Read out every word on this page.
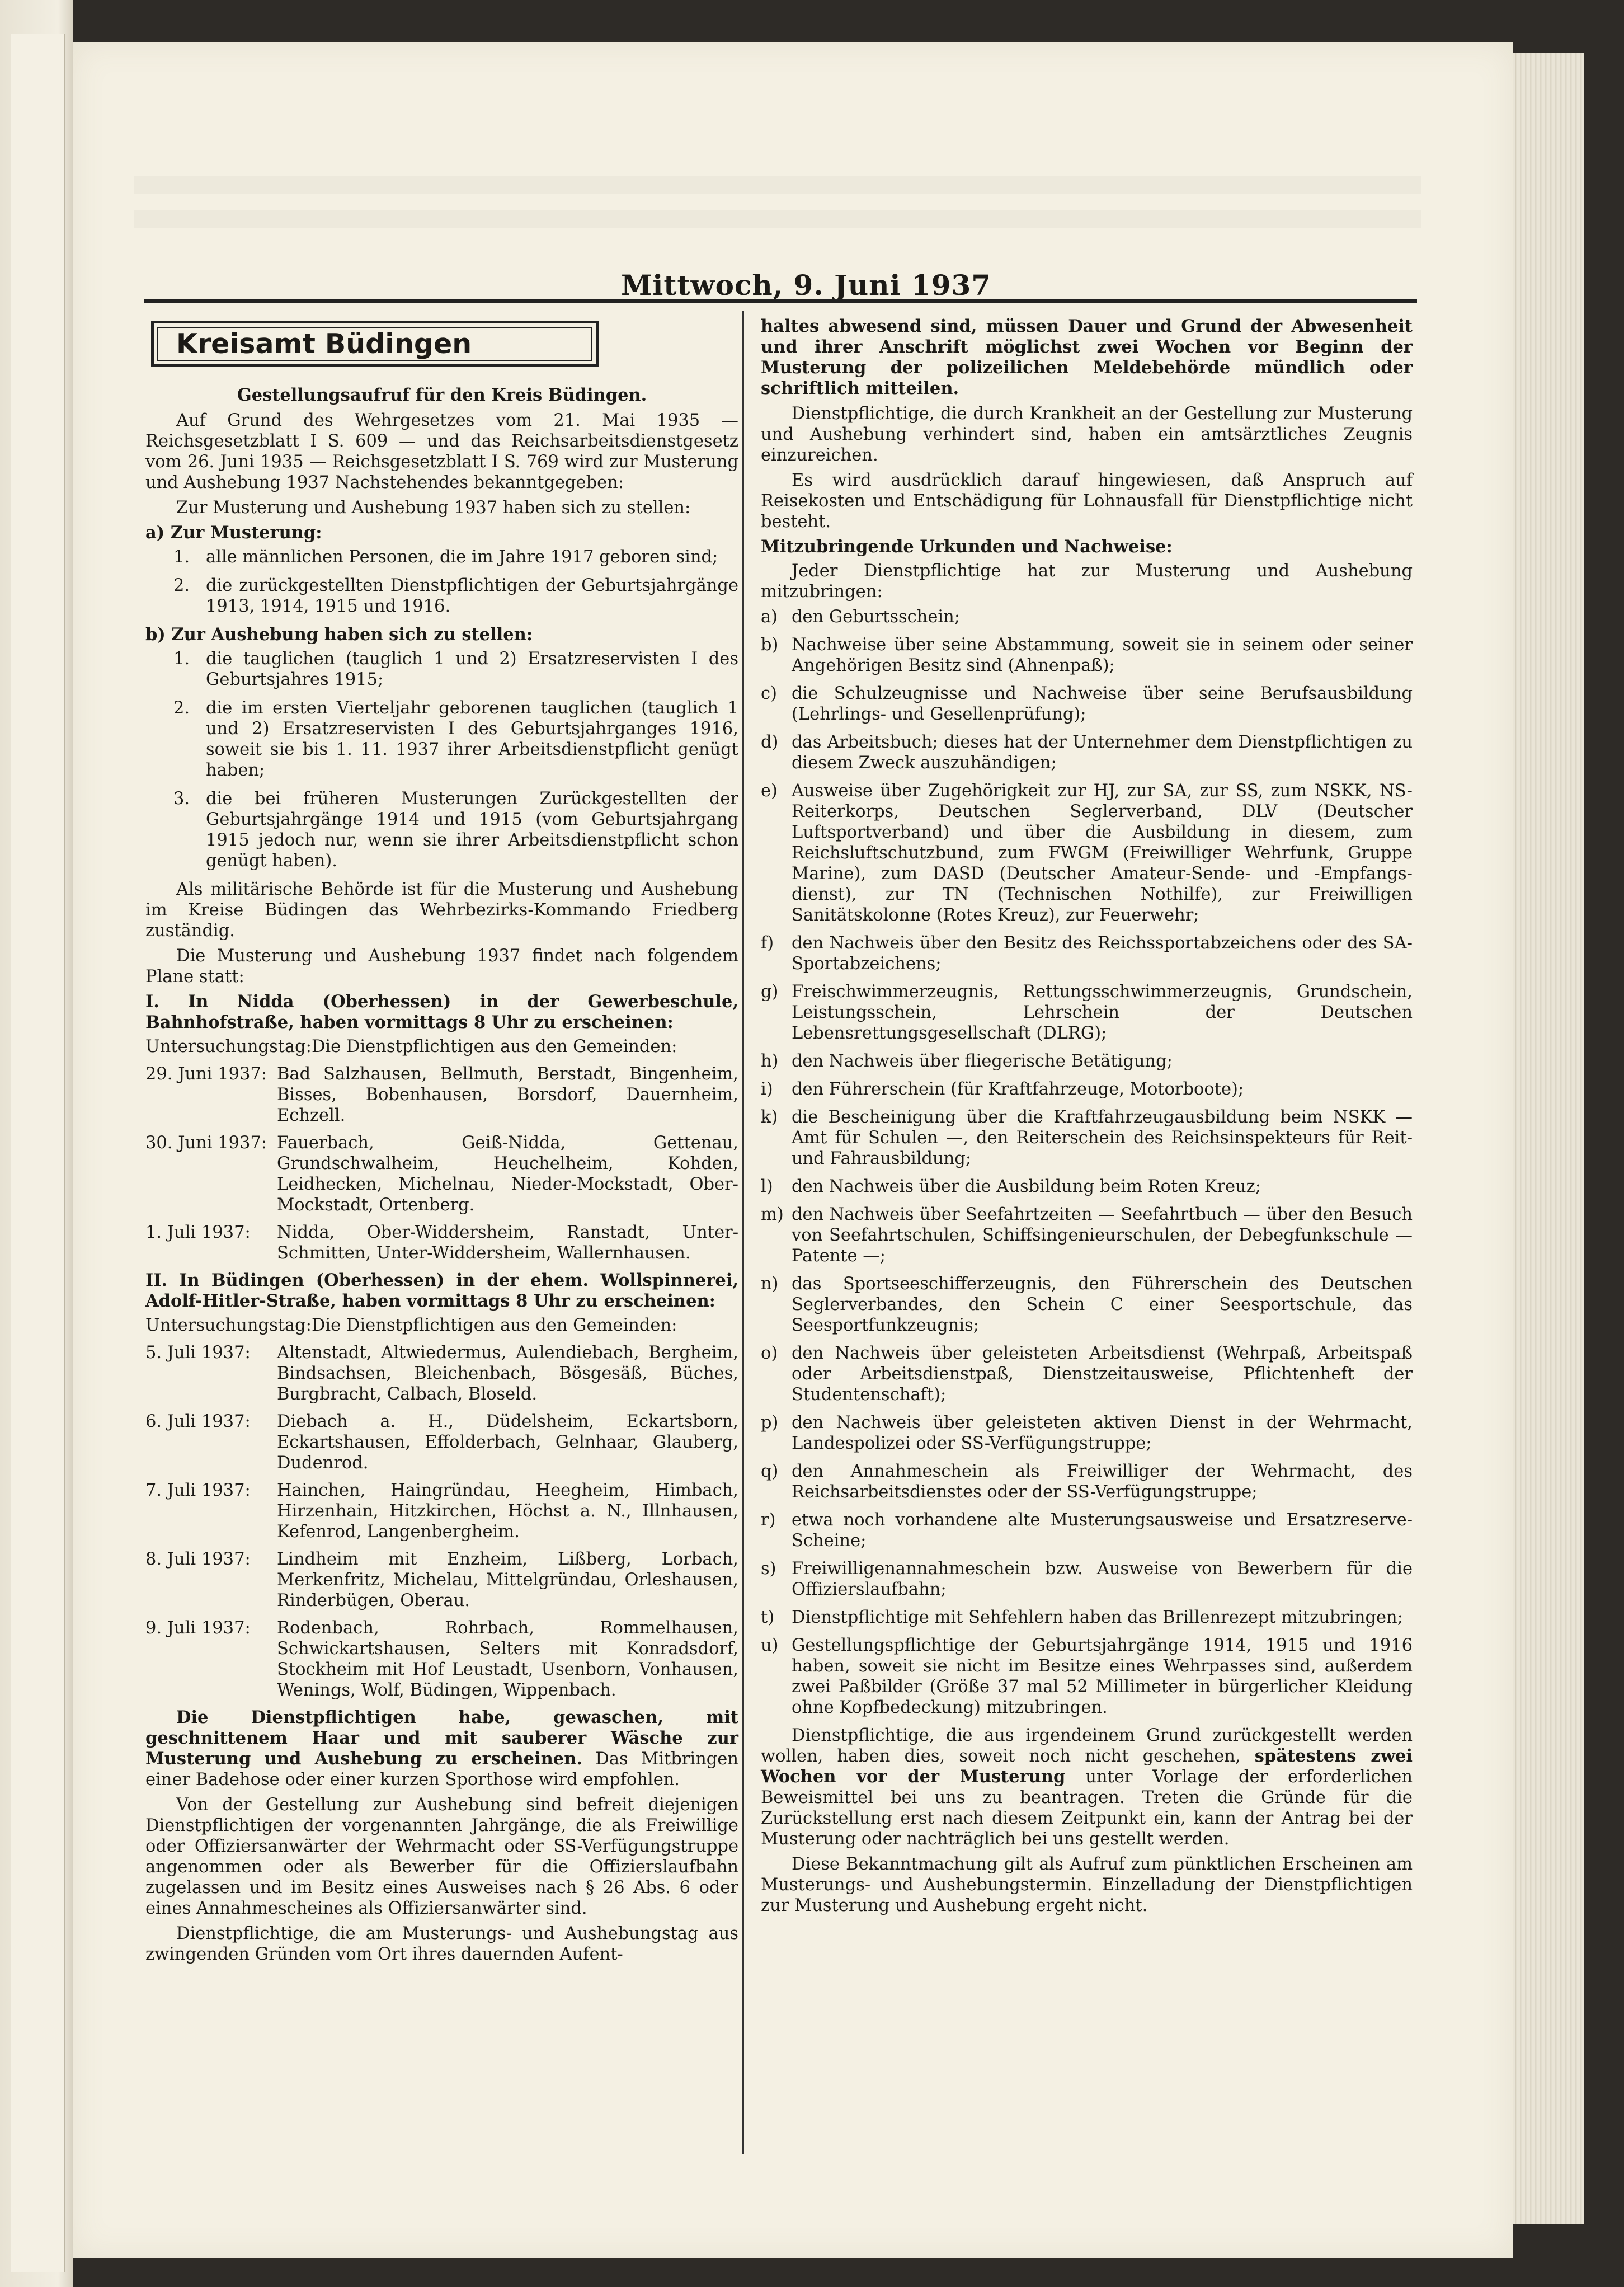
Mittwoch, 9. Juni 1937
Kreisamt Büdingen

Gestellungsaufruf für den Kreis Büdingen.

Auf Grund des Wehrgesetzes vom 21. Mai 1935 — Reichsgesetzblatt I S. 609 — und das Reichsarbeitsdienstgesetz vom 26. Juni 1935 — Reichsgesetzblatt I S. 769 wird zur Musterung und Aushebung 1937 Nachstehendes bekanntgegeben:

Zur Musterung und Aushebung 1937 haben sich zu stellen:

a) Zur Musterung:
1. alle männlichen Personen, die im Jahre 1917 geboren sind;
2. die zurückgestellten Dienstpflichtigen der Geburtsjahrgänge 1913, 1914, 1915 und 1916.
b) Zur Aushebung haben sich zu stellen:
1. die tauglichen (tauglich 1 und 2) Ersatzreservisten I des Geburtsjahres 1915;
2. die im ersten Vierteljahr geborenen tauglichen (tauglich 1 und 2) Ersatzreservisten I des Geburtsjahrganges 1916, soweit sie bis 1. 11. 1937 ihrer Arbeitsdienstpflicht genügt haben;
3. die bei früheren Musterungen Zurückgestellten der Geburtsjahrgänge 1914 und 1915 (vom Geburtsjahrgang 1915 jedoch nur, wenn sie ihrer Arbeitsdienstpflicht schon genügt haben).

Als militärische Behörde ist für die Musterung und Aushebung im Kreise Büdingen das Wehrbezirks-Kommando Friedberg zuständig.

Die Musterung und Aushebung 1937 findet nach folgendem Plane statt:

I. In Nidda (Oberhessen) in der Gewerbeschule, Bahnhofstraße, haben vormittags 8 Uhr zu erscheinen:
Untersuchungstag: Die Dienstpflichtigen aus den Gemeinden:
29. Juni 1937: Bad Salzhausen, Bellmuth, Berstadt, Bingenheim, Bisses, Bobenhausen, Borsdorf, Dauernheim, Echzell.
30. Juni 1937: Fauerbach, Geiß-Nidda, Gettenau, Grundschwalheim, Heuchelheim, Kohden, Leidhecken, Michelnau, Nieder-Mockstadt, Ober-Mockstadt, Ortenberg.
1. Juli 1937:	Nidda, Ober-Widdersheim, Ranstadt, Unter-Schmitten, Unter-Widdersheim, Wallernhausen.
II. In Büdingen (Oberhessen) in der ehem. Wollspinnerei, Adolf-Hitler-Straße, haben vormittags 8 Uhr zu erscheinen:
Untersuchungstag: Die Dienstpflichtigen aus den Gemeinden:
5. Juli 1937:	Altenstadt, Altwiedermus, Aulendiebach, Bergheim, Bindsachsen, Bleichenbach, Bösgesäß, Büches, Burgbracht, Calbach, Bloseld.
6. Juli 1937:	Diebach a. H., Düdelsheim, Eckartsborn, Eckartshausen, Effolderbach, Gelnhaar, Glauberg, Dudenrod.
7. Juli 1937:	Hainchen, Haingründau, Heegheim, Himbach, Hirzenhain, Hitzkirchen, Höchst a. N., Illnhausen, Kefenrod, Langenbergheim.
8. Juli 1937:	Lindheim mit Enzheim, Lißberg, Lorbach, Merkenfritz, Michelau, Mittelgründau, Orleshausen, Rinderbügen, Oberau.
9. Juli 1937:	Rodenbach, Rohrbach, Rommelhausen, Schwickartshausen, Selters mit Konradsdorf, Stockheim mit Hof Leustadt, Usenborn, Vonhausen, Wenings, Wolf, Büdingen, Wippenbach.

Die Dienstpflichtigen habe, gewaschen, mit geschnittenem Haar und mit sauberer Wäsche zur Musterung und Aushebung zu erscheinen. Das Mitbringen einer Badehose oder einer kurzen Sporthose wird empfohlen.

Von der Gestellung zur Aushebung sind befreit diejenigen Dienstpflichtigen der vorgenannten Jahrgänge, die als Freiwillige oder Offiziersanwärter der Wehrmacht oder SS-Verfügungstruppe angenommen oder als Bewerber für die Offizierslaufbahn zugelassen und im Besitz eines Ausweises nach § 26 Abs. 6 oder eines Annahmescheines als Offiziersanwärter sind.

Dienstpflichtige, die am Musterungs- und Aushebungstag aus zwingenden Gründen vom Ort ihres dauernden Aufent-

haltes abwesend sind, müssen Dauer und Grund der Abwesenheit und ihrer Anschrift möglichst zwei Wochen vor Beginn der Musterung der polizeilichen Meldebehörde mündlich oder schriftlich mitteilen.

Dienstpflichtige, die durch Krankheit an der Gestellung zur Musterung und Aushebung verhindert sind, haben ein amtsärztliches Zeugnis einzureichen.

Es wird ausdrücklich darauf hingewiesen, daß Anspruch auf Reisekosten und Entschädigung für Lohnausfall für Dienstpflichtige nicht besteht.

Mitzubringende Urkunden und Nachweise:

Jeder Dienstpflichtige hat zur Musterung und Aushebung mitzubringen:

a) den Geburtsschein;
b) Nachweise über seine Abstammung, soweit sie in seinem oder seiner Angehörigen Besitz sind (Ahnenpaß);
c) die Schulzeugnisse und Nachweise über seine Berufsausbildung (Lehrlings- und Gesellenprüfung);
d) das Arbeitsbuch; dieses hat der Unternehmer dem Dienstpflichtigen zu diesem Zweck auszuhändigen;
e) Ausweise über Zugehörigkeit zur HJ, zur SA, zur SS, zum NSKK, NS-Reiterkorps, Deutschen Seglerverband, DLV (Deutscher Luftsportverband) und über die Ausbildung in diesem, zum Reichsluftschutzbund, zum FWGM (Freiwilliger Wehrfunk, Gruppe Marine), zum DASD (Deutscher Amateur-Sende- und -Empfangs-dienst), zur TN (Technischen Nothilfe), zur Freiwilligen Sanitätskolonne (Rotes Kreuz), zur Feuerwehr;
f)	den Nachweis über den Besitz des Reichssportabzeichens oder des SA-Sportabzeichens;
g) Freischwimmerzeugnis, Rettungsschwimmerzeugnis, Grundschein, Leistungsschein, Lehrschein der Deutschen Lebensrettungsgesellschaft (DLRG);
h) den Nachweis über fliegerische Betätigung;
i)	den Führerschein (für Kraftfahrzeuge, Motorboote);
k) die Bescheinigung über die Kraftfahrzeugausbildung beim NSKK — Amt für Schulen —, den Reiterschein des Reichsinspekteurs für Reit- und Fahrausbildung;
l)	den Nachweis über die Ausbildung beim Roten Kreuz;
m) den Nachweis über Seefahrtzeiten — Seefahrtbuch — über den Besuch von Seefahrtschulen, Schiffsingenieurschulen, der Debegfunkschule — Patente —;
n) das Sportseeschifferzeugnis, den Führerschein des Deutschen Seglerverbandes, den Schein C einer Seesportschule, das Seesportfunkzeugnis;
o) den Nachweis über geleisteten Arbeitsdienst (Wehrpaß, Arbeitspaß oder Arbeitsdienstpaß, Dienstzeitausweise, Pflichtenheft der Studentenschaft);
p) den Nachweis über geleisteten aktiven Dienst in der Wehrmacht, Landespolizei oder SS-Verfügungstruppe;
q) den Annahmeschein als Freiwilliger der Wehrmacht, des Reichsarbeitsdienstes oder der SS-Verfügungstruppe;
r) etwa noch vorhandene alte Musterungsausweise und Ersatzreserve-Scheine;
s) Freiwilligenannahmeschein bzw. Ausweise von Bewerbern für die Offizierslaufbahn;
t)	Dienstpflichtige mit Sehfehlern haben das Brillenrezept mitzubringen;
u) Gestellungspflichtige der Geburtsjahrgänge 1914, 1915 und 1916 haben, soweit sie nicht im Besitze eines Wehrpasses sind, außerdem zwei Paßbilder (Größe 37 mal 52 Millimeter in bürgerlicher Kleidung ohne Kopfbedeckung) mitzubringen.

Dienstpflichtige, die aus irgendeinem Grund zurückgestellt werden wollen, haben dies, soweit noch nicht geschehen, spätestens zwei Wochen vor der Musterung unter Vorlage der erforderlichen Beweismittel bei uns zu beantragen. Treten die Gründe für die Zurückstellung erst nach diesem Zeitpunkt ein, kann der Antrag bei der Musterung oder nachträglich bei uns gestellt werden.

Diese Bekanntmachung gilt als Aufruf zum pünktlichen Erscheinen am Musterungs- und Aushebungstermin. Einzelladung der Dienstpflichtigen zur Musterung und Aushebung ergeht nicht.
